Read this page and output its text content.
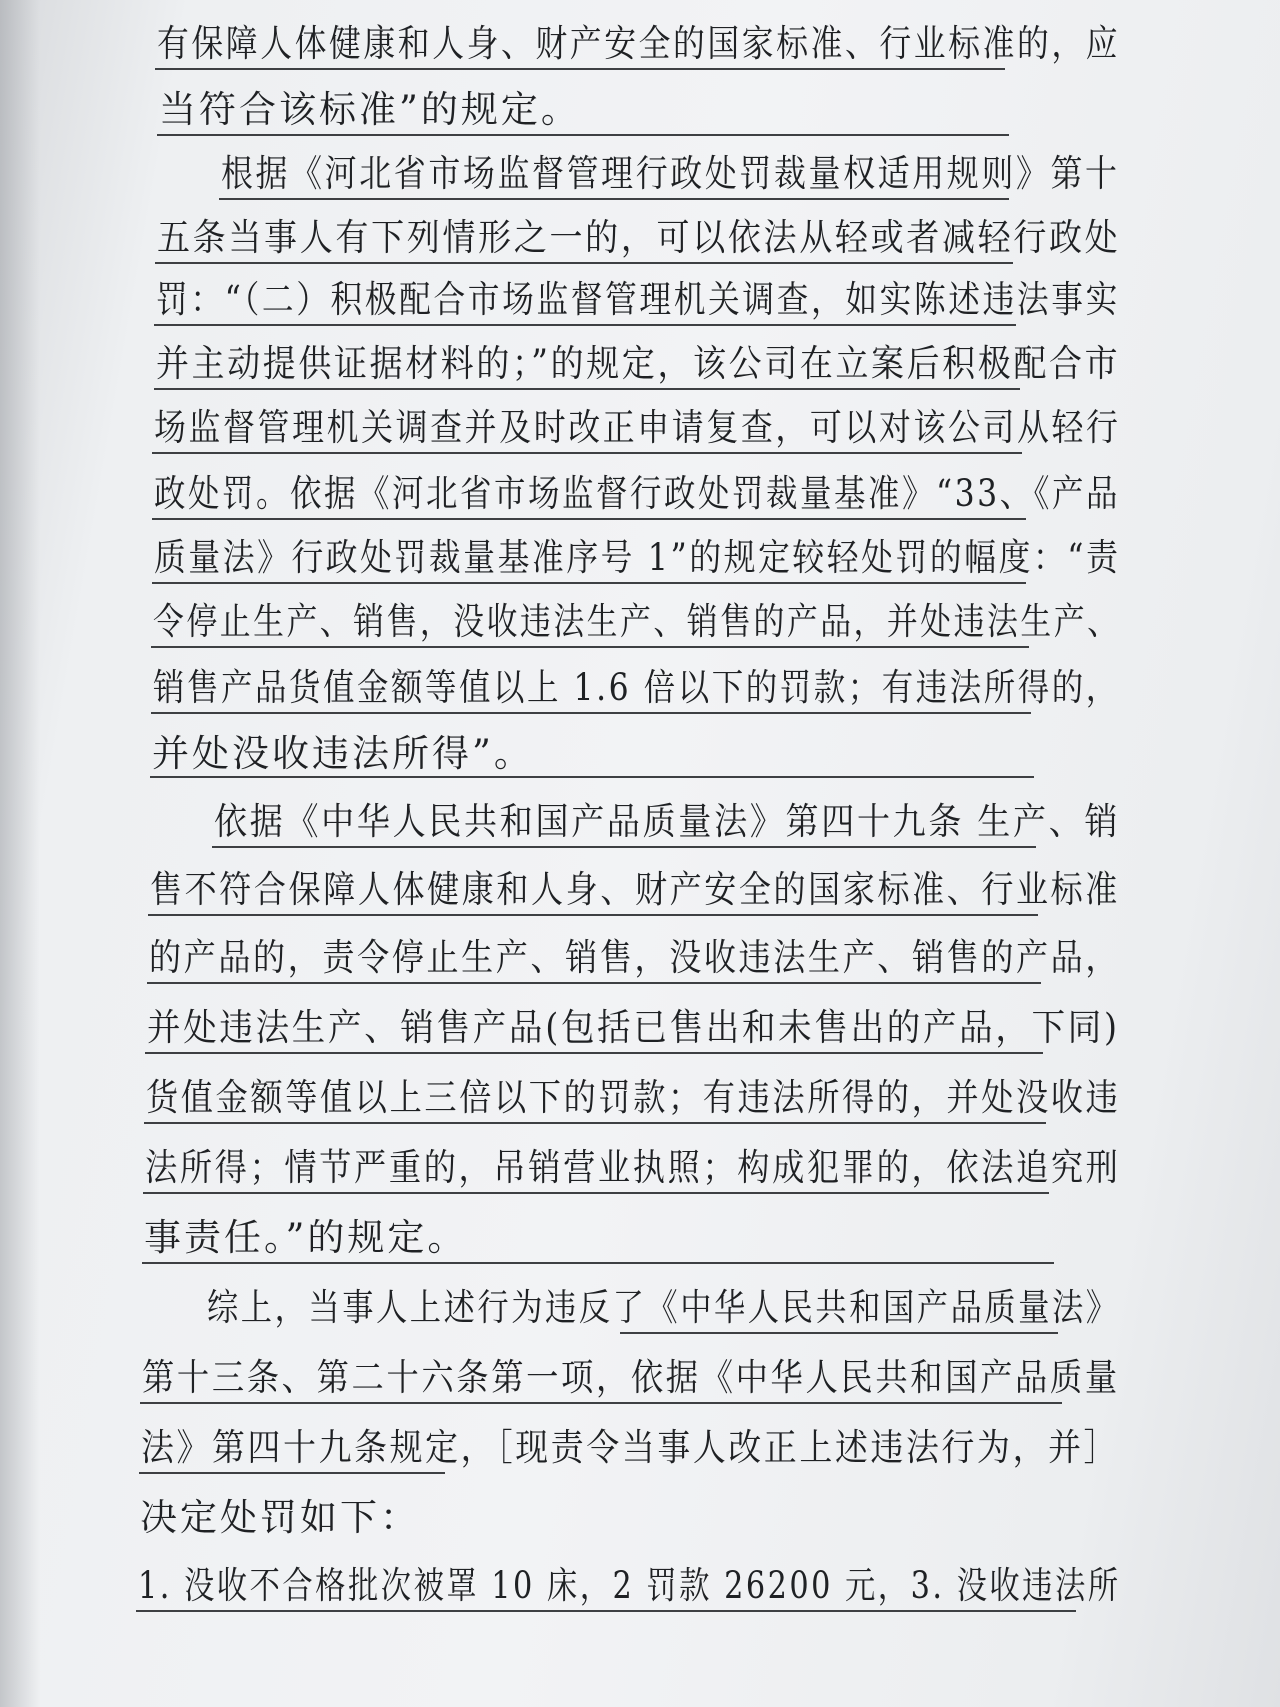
有保障人体健康和人身、财产安全的国家标准、行业标准的，应
当符合该标准”的规定。
根据《河北省市场监督管理行政处罚裁量权适用规则》第十
五条当事人有下列情形之一的，可以依法从轻或者减轻行政处
罚：“（二）积极配合市场监督管理机关调查，如实陈述违法事实
并主动提供证据材料的；”的规定，该公司在立案后积极配合市
场监督管理机关调查并及时改正申请复查，可以对该公司从轻行
政处罚。依据《河北省市场监督行政处罚裁量基准》“33、《产品
质量法》行政处罚裁量基准序号 1”的规定较轻处罚的幅度：“责
令停止生产、销售，没收违法生产、销售的产品，并处违法生产、
销售产品货值金额等值以上 1.6 倍以下的罚款；有违法所得的，
并处没收违法所得”。
依据《中华人民共和国产品质量法》第四十九条 生产、销
售不符合保障人体健康和人身、财产安全的国家标准、行业标准
的产品的，责令停止生产、销售，没收违法生产、销售的产品，
并处违法生产、销售产品(包括已售出和未售出的产品，下同)
货值金额等值以上三倍以下的罚款；有违法所得的，并处没收违
法所得；情节严重的，吊销营业执照；构成犯罪的，依法追究刑
事责任。”的规定。
综上，当事人上述行为违反了《中华人民共和国产品质量法》
第十三条、第二十六条第一项，依据《中华人民共和国产品质量
法》第四十九条规定，［现责令当事人改正上述违法行为，并］
决定处罚如下：
1. 没收不合格批次被罩 10 床，2 罚款 26200 元，3. 没收违法所
